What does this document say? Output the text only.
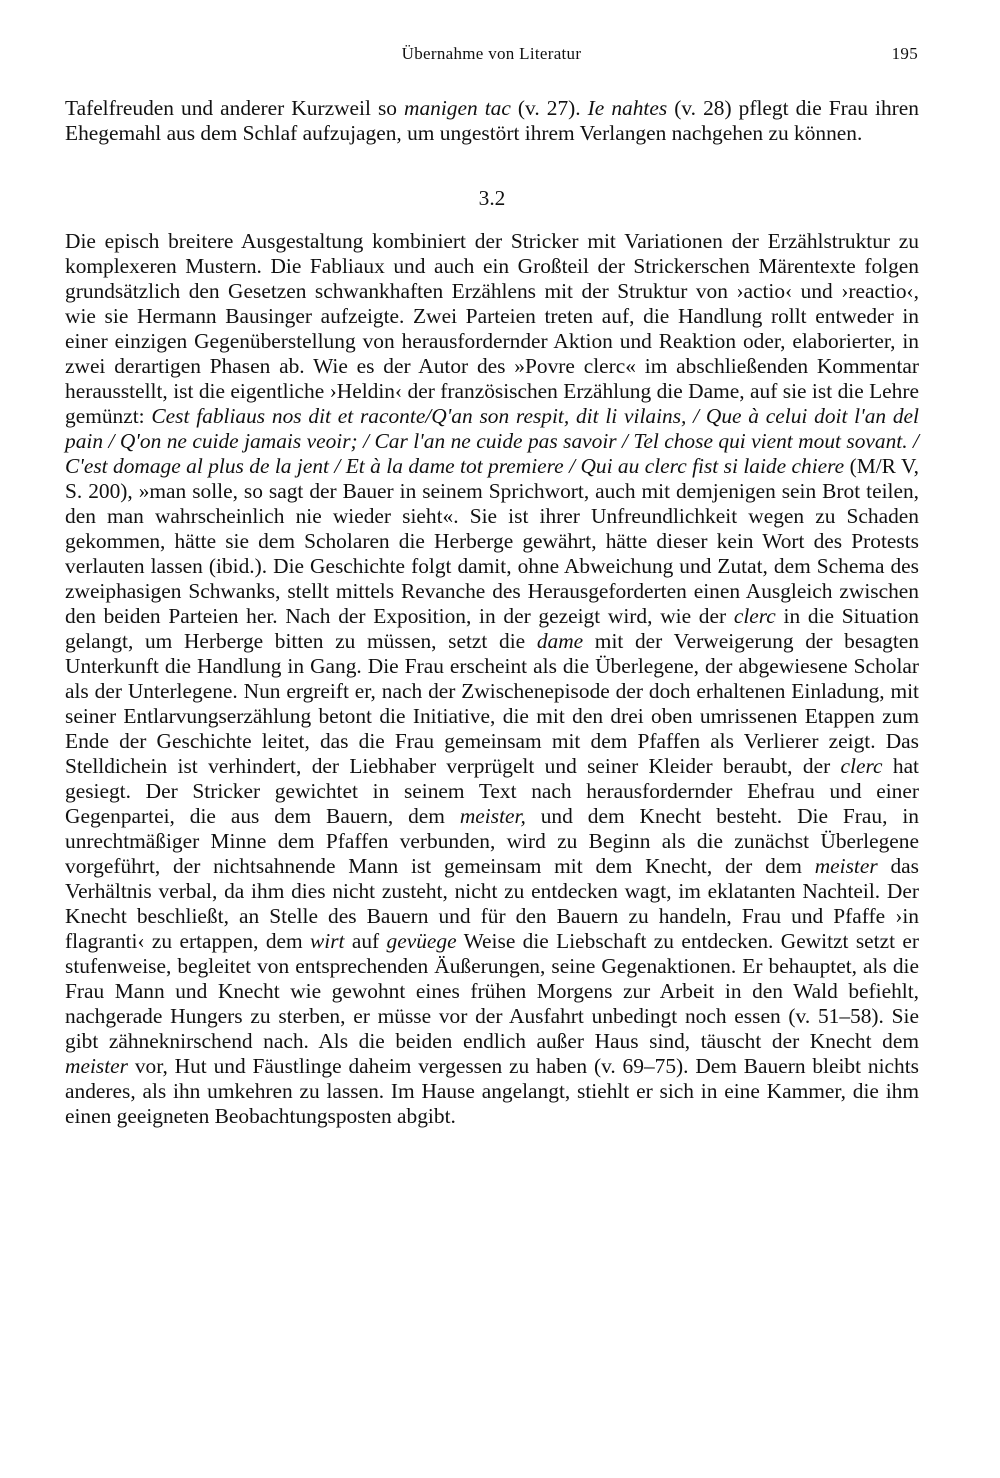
Übernahme von Literatur	195

Tafelfreuden und anderer Kurzweil so manigen tac (v. 27). Ie nahtes (v. 28) pflegt die Frau ihren Ehegemahl aus dem Schlaf aufzujagen, um ungestört ihrem Verlangen nachgehen zu können.

3.2

Die episch breitere Ausgestaltung kombiniert der Stricker mit Variationen der Erzählstruktur zu komplexeren Mustern. Die Fabliaux und auch ein Großteil der Strickerschen Märentexte folgen grundsätzlich den Gesetzen schwankhaften Erzählens mit der Struktur von ›actio‹ und ›reactio‹, wie sie Hermann Bausinger aufzeigte. Zwei Parteien treten auf, die Handlung rollt entweder in einer einzigen Gegenüberstellung von herausfordernder Aktion und Reaktion oder, elaborierter, in zwei derartigen Phasen ab. Wie es der Autor des »Povre clerc« im abschließenden Kommentar herausstellt, ist die eigentliche ›Heldin‹ der französischen Erzählung die Dame, auf sie ist die Lehre gemünzt: Cest fabliaus nos dit et raconte/Q'an son respit, dit li vilains, / Que à celui doit l'an del pain / Q'on ne cuide jamais veoir; / Car l'an ne cuide pas savoir / Tel chose qui vient mout sovant. / C'est domage al plus de la jent / Et à la dame tot premiere / Qui au clerc fist si laide chiere (M/R V, S. 200), »man solle, so sagt der Bauer in seinem Sprichwort, auch mit demjenigen sein Brot teilen, den man wahrscheinlich nie wieder sieht«. Sie ist ihrer Unfreundlichkeit wegen zu Schaden gekommen, hätte sie dem Scholaren die Herberge gewährt, hätte dieser kein Wort des Protests verlauten lassen (ibid.). Die Geschichte folgt damit, ohne Abweichung und Zutat, dem Schema des zweiphasigen Schwanks, stellt mittels Revanche des Herausgeforderten einen Ausgleich zwischen den beiden Parteien her. Nach der Exposition, in der gezeigt wird, wie der clerc in die Situation gelangt, um Herberge bitten zu müssen, setzt die dame mit der Verweigerung der besagten Unterkunft die Handlung in Gang. Die Frau erscheint als die Überlegene, der abgewiesene Scholar als der Unterlegene. Nun ergreift er, nach der Zwischenepisode der doch erhaltenen Einladung, mit seiner Entlarvungserzählung betont die Initiative, die mit den drei oben umrissenen Etappen zum Ende der Geschichte leitet, das die Frau gemeinsam mit dem Pfaffen als Verlierer zeigt. Das Stelldichein ist verhindert, der Liebhaber verprügelt und seiner Kleider beraubt, der clerc hat gesiegt. Der Stricker gewichtet in seinem Text nach herausfordernder Ehefrau und einer Gegenpartei, die aus dem Bauern, dem meister, und dem Knecht besteht. Die Frau, in unrechtmäßiger Minne dem Pfaffen verbunden, wird zu Beginn als die zunächst Überlegene vorgeführt, der nichtsahnende Mann ist gemeinsam mit dem Knecht, der dem meister das Verhältnis verbal, da ihm dies nicht zusteht, nicht zu entdecken wagt, im eklatanten Nachteil. Der Knecht beschließt, an Stelle des Bauern und für den Bauern zu handeln, Frau und Pfaffe ›in flagranti‹ zu ertappen, dem wirt auf gevüege Weise die Liebschaft zu entdecken. Gewitzt setzt er stufenweise, begleitet von entsprechenden Äußerungen, seine Gegenaktionen. Er behauptet, als die Frau Mann und Knecht wie gewohnt eines frühen Morgens zur Arbeit in den Wald befiehlt, nachgerade Hungers zu sterben, er müsse vor der Ausfahrt unbedingt noch essen (v. 51–58). Sie gibt zähneknirschend nach. Als die beiden endlich außer Haus sind, täuscht der Knecht dem meister vor, Hut und Fäustlinge daheim vergessen zu haben (v. 69–75). Dem Bauern bleibt nichts anderes, als ihn umkehren zu lassen. Im Hause angelangt, stiehlt er sich in eine Kammer, die ihm einen geeigneten Beobachtungsposten abgibt.
